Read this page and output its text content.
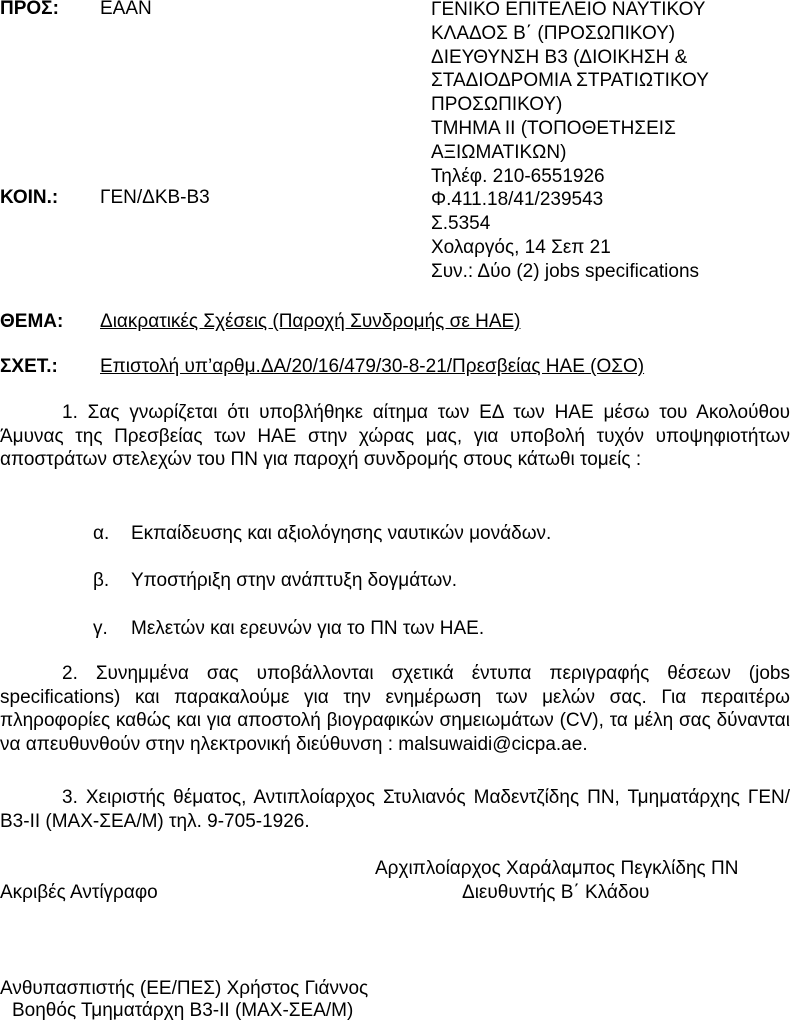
ΠΡΟΣ: ΕΑΑΝ	ΓΕΝΙΚΟ ΕΠΙΤΕΛΕΙΟ ΝΑΥΤΙΚΟΥ
ΚΛΑΔΟΣ Β΄ (ΠΡΟΣΩΠΙΚΟΥ)
ΔΙΕΥΘΥΝΣΗ Β3 (ΔΙΟΙΚΗΣΗ &
ΣΤΑΔΙΟΔΡΟΜΙΑ ΣΤΡΑΤΙΩΤΙΚΟΥ
ΠΡΟΣΩΠΙΚΟΥ)
ΤΜΗΜΑ ΙΙ (ΤΟΠΟΘΕΤΗΣΕΙΣ
ΑΞΙΩΜΑΤΙΚΩΝ)
Τηλέφ. 210-6551926
Φ.411.18/41/239543
Σ.5354
Χολαργός, 14 Σεπ 21
Συν.: Δύο (2) jobs specifications
ΚΟΙΝ.: ΓΕΝ/ΔΚΒ-Β3
ΘΕΜΑ: Διακρατικές Σχέσεις (Παροχή Συνδρομής σε ΗΑΕ)
ΣΧΕΤ.: Επιστολή υπ’αρθμ.ΔΑ/20/16/479/30-8-21/Πρεσβείας ΗΑΕ (ΟΣΟ)
1. Σας γνωρίζεται ότι υποβλήθηκε αίτημα των ΕΔ των ΗΑΕ μέσω του Ακολούθου Άμυνας της Πρεσβείας των ΗΑΕ στην χώρας μας, για υποβολή τυχόν υποψηφιοτήτων αποστράτων στελεχών του ΠΝ για παροχή συνδρομής στους κάτωθι τομείς :
α. Εκπαίδευσης και αξιολόγησης ναυτικών μονάδων.
β. Υποστήριξη στην ανάπτυξη δογμάτων.
γ. Μελετών και ερευνών για το ΠΝ των ΗΑΕ.
2. Συνημμένα σας υποβάλλονται σχετικά έντυπα περιγραφής θέσεων (jobs specifications) και παρακαλούμε για την ενημέρωση των μελών σας. Για περαιτέρω πληροφορίες καθώς και για αποστολή βιογραφικών σημειωμάτων (CV), τα μέλη σας δύνανται να απευθυνθούν στην ηλεκτρονική διεύθυνση : malsuwaidi@cicpa.ae.
3. Χειριστής θέματος, Αντιπλοίαρχος Στυλιανός Μαδεντζίδης ΠΝ, Τμηματάρχης ΓΕΝ/Β3-ΙΙ (ΜΑΧ-ΣΕΑ/Μ) τηλ. 9-705-1926.
Αρχιπλοίαρχος Χαράλαμπος Πεγκλίδης ΠΝ
Ακριβές Αντίγραφο	Διευθυντής Β΄ Κλάδου
Ανθυπασπιστής (ΕΕ/ΠΕΣ) Χρήστος Γιάννος
Βοηθός Τμηματάρχη Β3-ΙΙ (ΜΑΧ-ΣΕΑ/Μ)
